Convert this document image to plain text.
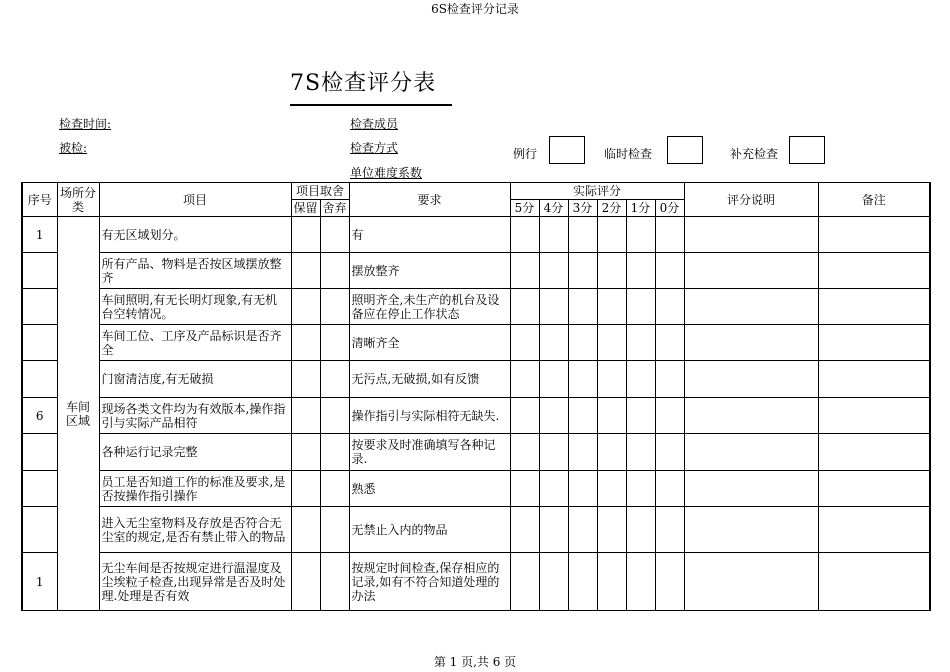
6S检查评分记录
7S检查评分表
检查时间:
被检:
检查成员
检查方式
单位难度系数
例行	临时检查	补充检查
序号	场所分类	项目	项目取舍		要求	实际评分						评分说明	备注
			保留	舍弃		5分	4分	3分	2分	1分	0分		
1	车间区域	有无区域划分。			有								
		所有产品、物料是否按区域摆放整齐			摆放整齐								
		车间照明,有无长明灯现象,有无机台空转情况。			照明齐全,未生产的机台及设备应在停止工作状态								
		车间工位、工序及产品标识是否齐全			清晰齐全								
		门窗清洁度,有无破损			无污点,无破损,如有反馈								
6		现场各类文件均为有效版本,操作指引与实际产品相符			操作指引与实际相符无缺失.								
		各种运行记录完整			按要求及时准确填写各种记录.								
		员工是否知道工作的标准及要求,是否按操作指引操作			熟悉								
		进入无尘室物料及存放是否符合无尘室的规定,是否有禁止带入的物品			无禁止入内的物品								
1		无尘车间是否按规定进行温湿度及尘埃粒子检查,出现异常是否及时处理.处理是否有效			按规定时间检查,保存相应的记录,如有不符合知道处理的办法								
第 1 页,共 6 页
